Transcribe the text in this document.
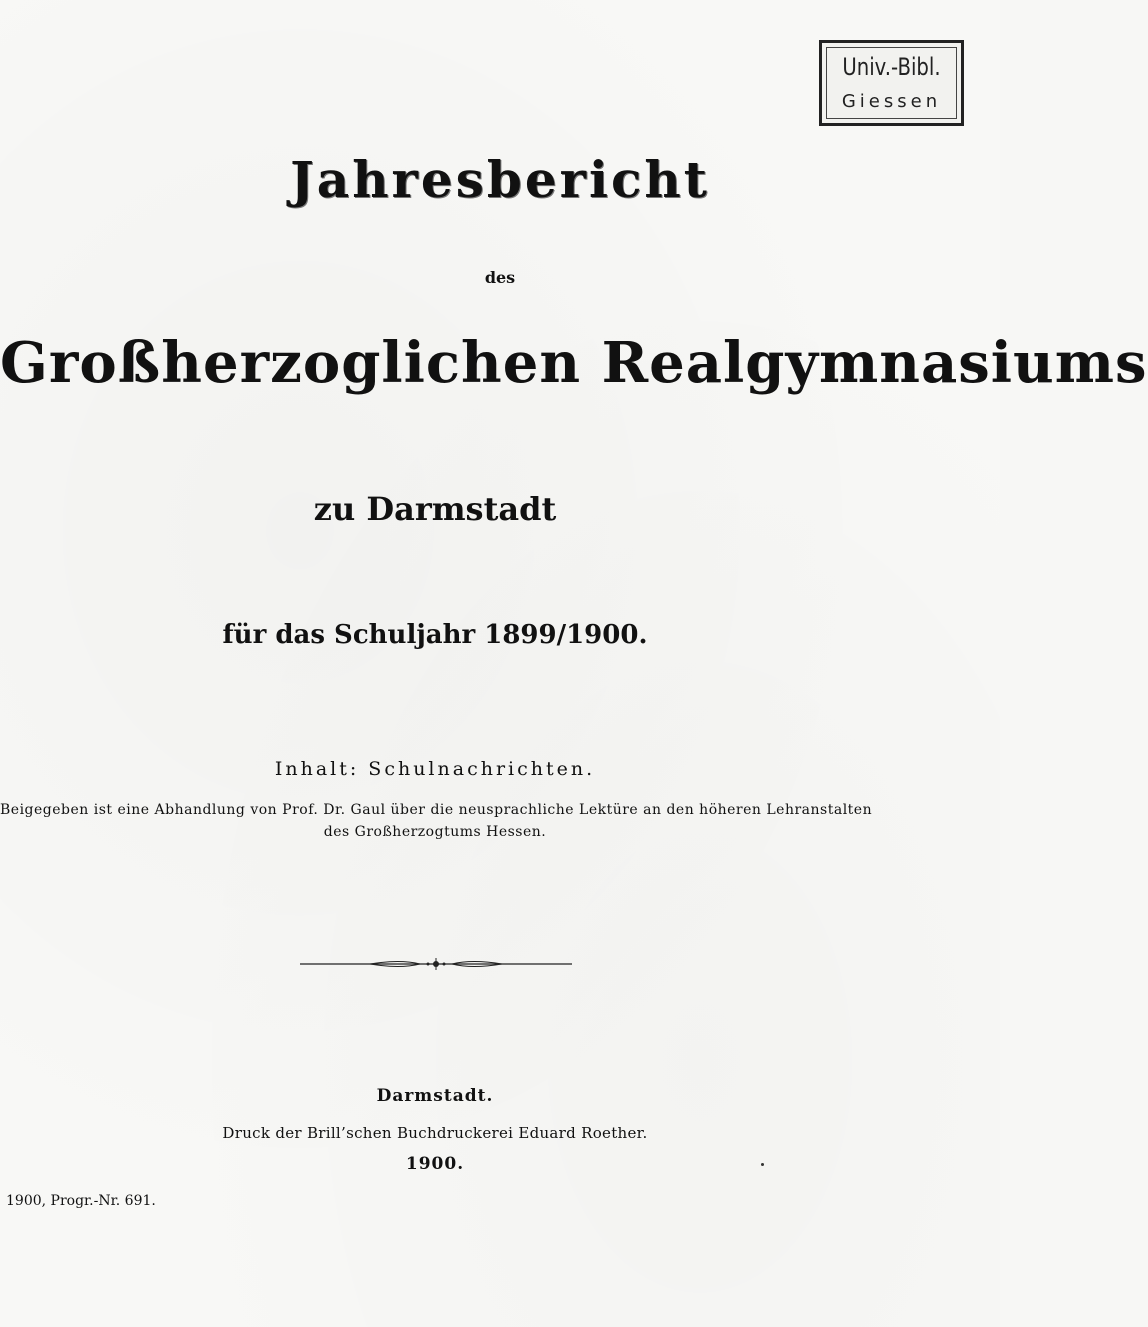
Univ.-Bibl.
Giessen
Jahresbericht
des
Großherzoglichen Realgymnasiums
zu Darmstadt
für das Schuljahr 1899/1900.
Inhalt: Schulnachrichten.
Beigegeben ist eine Abhandlung von Prof. Dr. Gaul über die neusprachliche Lektüre an den höheren Lehranstalten
des Großherzogtums Hessen.
Darmstadt.
Druck der Brill’schen Buchdruckerei Eduard Roether.
1900.
1900, Progr.-Nr. 691.
